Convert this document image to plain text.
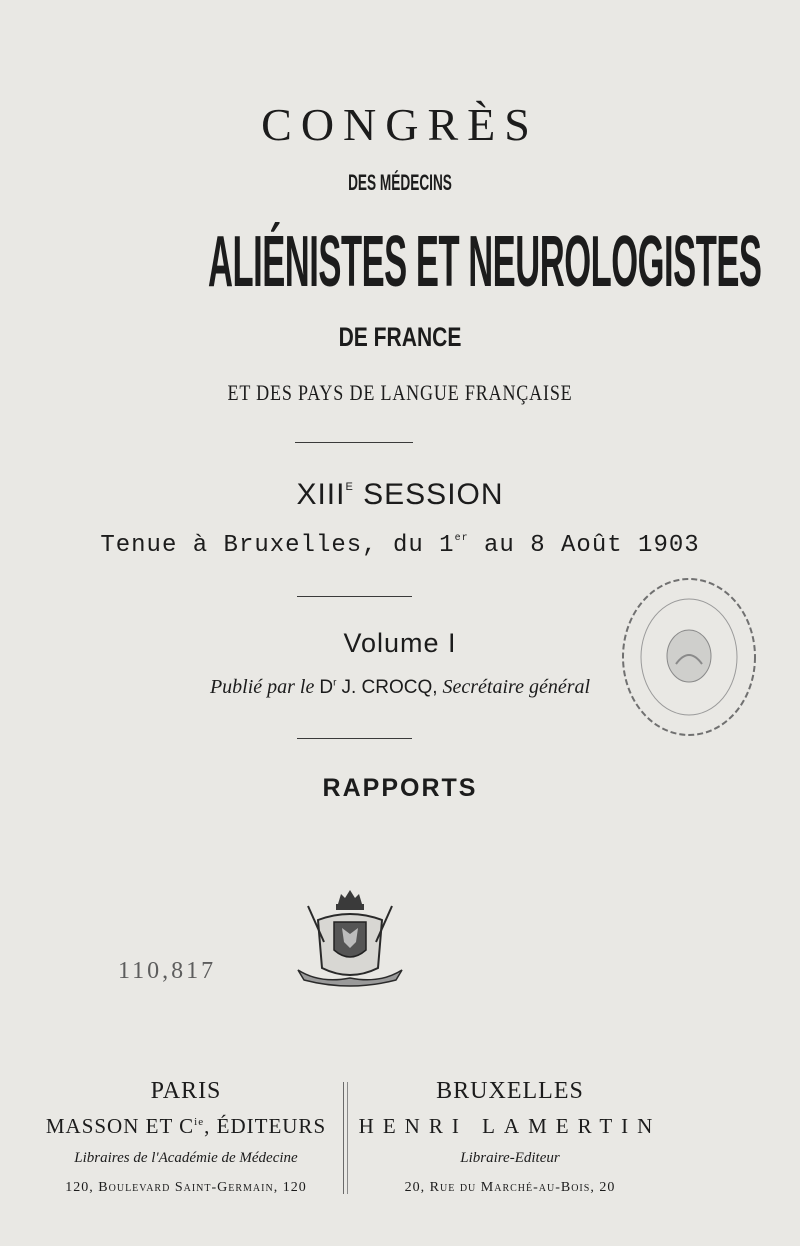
CONGRÈS
DES MÉDECINS
ALIÉNISTES ET NEUROLOGISTES
DE FRANCE
ET DES PAYS DE LANGUE FRANÇAISE
$XIII^E$ SESSION
Tenue à Bruxelles, du 1er au 8 Août 1903
Volume I
Publié par le $D^r$ J. CROCQ, Secrétaire général
RAPPORTS
110,817
PARIS
MASSON ET $C^{ie}$, ÉDITEURS
Libraires de l'Académie de Médecine
120, Boulevard Saint-Germain, 120
BRUXELLES
HENRI LAMERTIN
Libraire-Editeur
20, Rue du Marché-au-Bois, 20
